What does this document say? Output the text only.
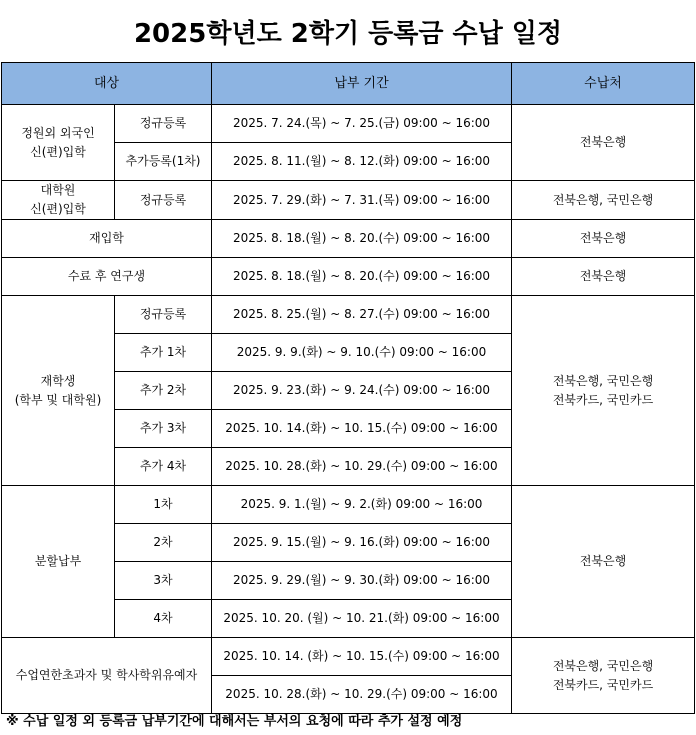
2025학년도 2학기 등록금 수납 일정
대상		납부 기간	수납처
정원외 외국인
신(편)입학	정규등록	2025. 7. 24.(목) ~ 7. 25.(금) 09:00 ~ 16:00	전북은행
	추가등록(1차)	2025. 8. 11.(월) ~ 8. 12.(화) 09:00 ~ 16:00	
대학원
신(편)입학	정규등록	2025. 7. 29.(화) ~ 7. 31.(목) 09:00 ~ 16:00	전북은행, 국민은행
재입학		2025. 8. 18.(월) ~ 8. 20.(수) 09:00 ~ 16:00	전북은행
수료 후 연구생		2025. 8. 18.(월) ~ 8. 20.(수) 09:00 ~ 16:00	전북은행
재학생
(학부 및 대학원)	정규등록	2025. 8. 25.(월) ~ 8. 27.(수) 09:00 ~ 16:00	전북은행, 국민은행
전북카드, 국민카드
	추가 1차	2025. 9. 9.(화) ~ 9. 10.(수) 09:00 ~ 16:00	
	추가 2차	2025. 9. 23.(화) ~ 9. 24.(수) 09:00 ~ 16:00	
	추가 3차	2025. 10. 14.(화) ~ 10. 15.(수) 09:00 ~ 16:00	
	추가 4차	2025. 10. 28.(화) ~ 10. 29.(수) 09:00 ~ 16:00	
분할납부	1차	2025. 9. 1.(월) ~ 9. 2.(화) 09:00 ~ 16:00	전북은행
	2차	2025. 9. 15.(월) ~ 9. 16.(화) 09:00 ~ 16:00	
	3차	2025. 9. 29.(월) ~ 9. 30.(화) 09:00 ~ 16:00	
	4차	2025. 10. 20. (월) ~ 10. 21.(화) 09:00 ~ 16:00	
수업연한초과자 및 학사학위유예자		2025. 10. 14. (화) ~ 10. 15.(수) 09:00 ~ 16:00	전북은행, 국민은행
전북카드, 국민카드
		2025. 10. 28.(화) ~ 10. 29.(수) 09:00 ~ 16:00	
※ 수납 일정 외 등록금 납부기간에 대해서는 부서의 요청에 따라 추가 설정 예정
